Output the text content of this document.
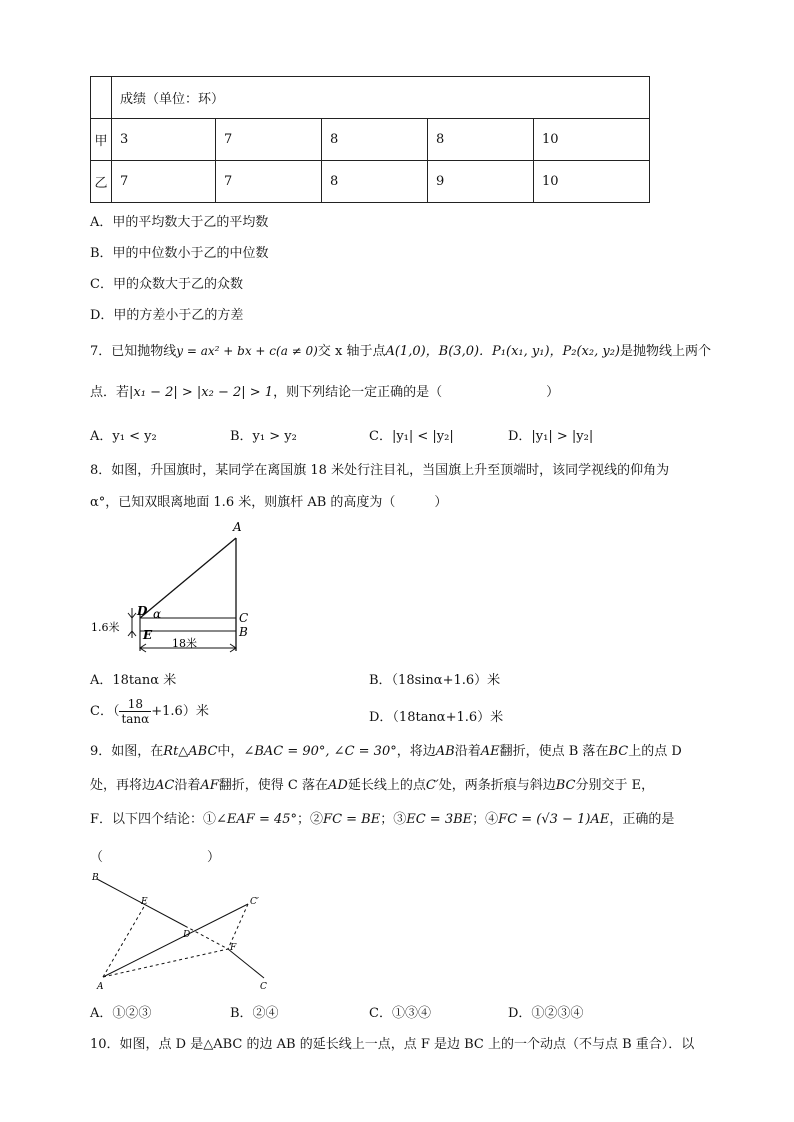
	成绩（单位：环）				
甲	3	7	8	8	10
乙	7	7	8	9	10
A．甲的平均数大于乙的平均数
B．甲的中位数小于乙的中位数
C．甲的众数大于乙的众数
D．甲的方差小于乙的方差
7．已知抛物线y = ax² + bx + c(a ≠ 0)交 x 轴于点A(1,0)，B(3,0)．P₁(x₁, y₁)，P₂(x₂, y₂)是抛物线上两个
点．若|x₁ − 2| > |x₂ − 2| > 1，则下列结论一定正确的是（　　　　　　　　）
A．y₁ < y₂	B．y₁ > y₂	C．|y₁| < |y₂|	D．|y₁| > |y₂|
8．如图，升国旗时，某同学在离国旗 18 米处行注目礼，当国旗上升至顶端时，该同学视线的仰角为
α°，已知双眼离地面 1.6 米，则旗杆 AB 的高度为（　　　）
A
D α	C
B
E
1.6米
18米
A．18tanα 米	B．（18sinα+1.6）米
C．（ $\frac{18}{\tan\alpha} +1.6$）米	D．（18tanα+1.6）米
9．如图，在Rt△ABC中，∠BAC = 90°, ∠C = 30°，将边AB沿着AE翻折，使点 B 落在BC上的点 D
处，再将边AC沿着AF翻折，使得 C 落在AD延长线上的点C′处，两条折痕与斜边BC分别交于 E，
F．以下四个结论：①∠EAF = 45°；②FC = BE；③EC = 3BE；④FC = (√3 − 1)AE，正确的是
（　　　　　　　　）
B
E
D
C′
F
A	C
A．①②③	B．②④	C．①③④	D．①②③④
10．如图，点 D 是△ABC 的边 AB 的延长线上一点，点 F 是边 BC 上的一个动点（不与点 B 重合）．以
